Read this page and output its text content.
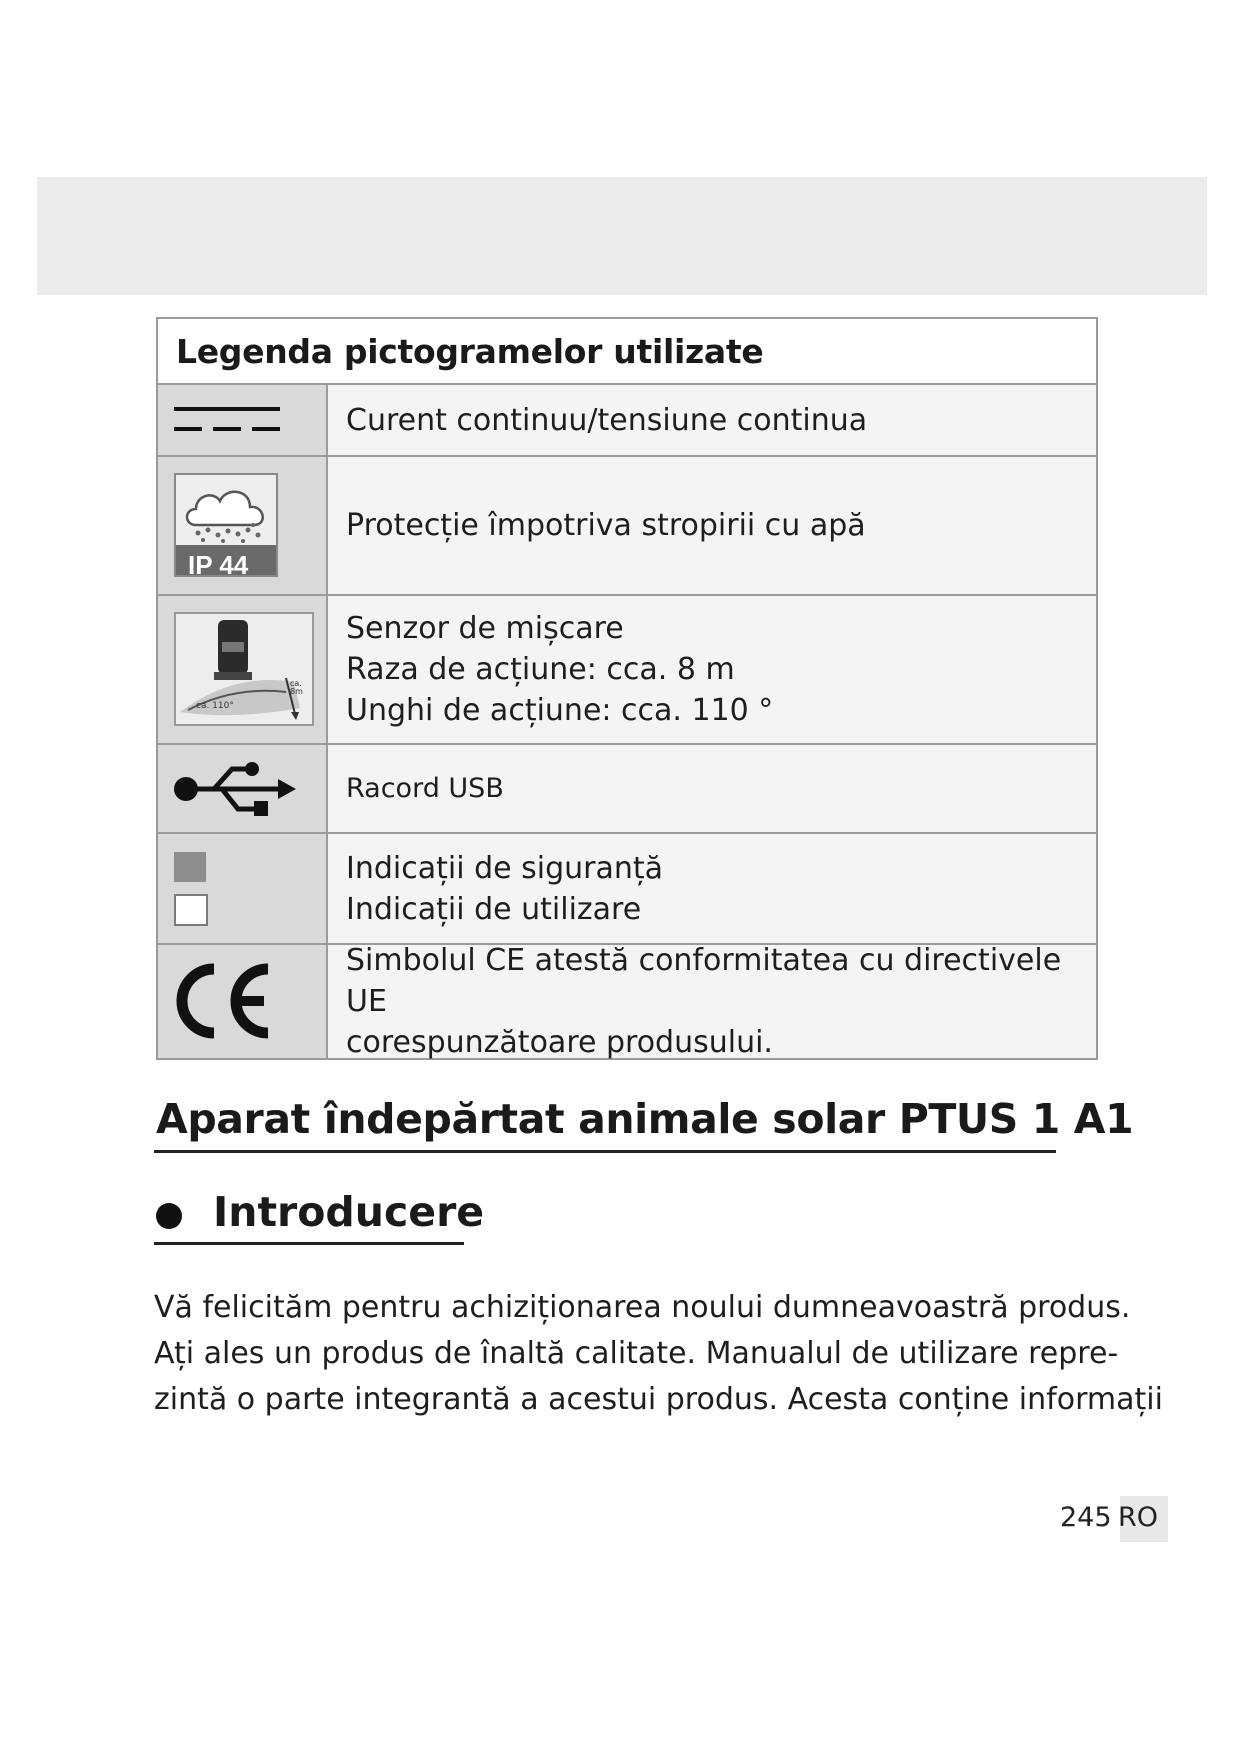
Legenda pictogramelor utilizate
Curent continuu/tensiune continua
IP 44
Protecție împotriva stropirii cu apă
ca. 110°
ca.
8m
Senzor de mișcare
Raza de acțiune: cca. 8 m
Unghi de acțiune: cca. 110 °
Racord USB
Indicații de siguranță
Indicații de utilizare
Simbolul CE atestă conformitatea cu directivele UE
corespunzătoare produsului.
Aparat îndepărtat animale solar PTUS 1 A1
Introducere
Vă felicităm pentru achiziționarea noului dumneavoastră produs.
Ați ales un produs de înaltă calitate. Manualul de utilizare repre-
zintă o parte integrantă a acestui produs. Acesta conține informații
245 RO
